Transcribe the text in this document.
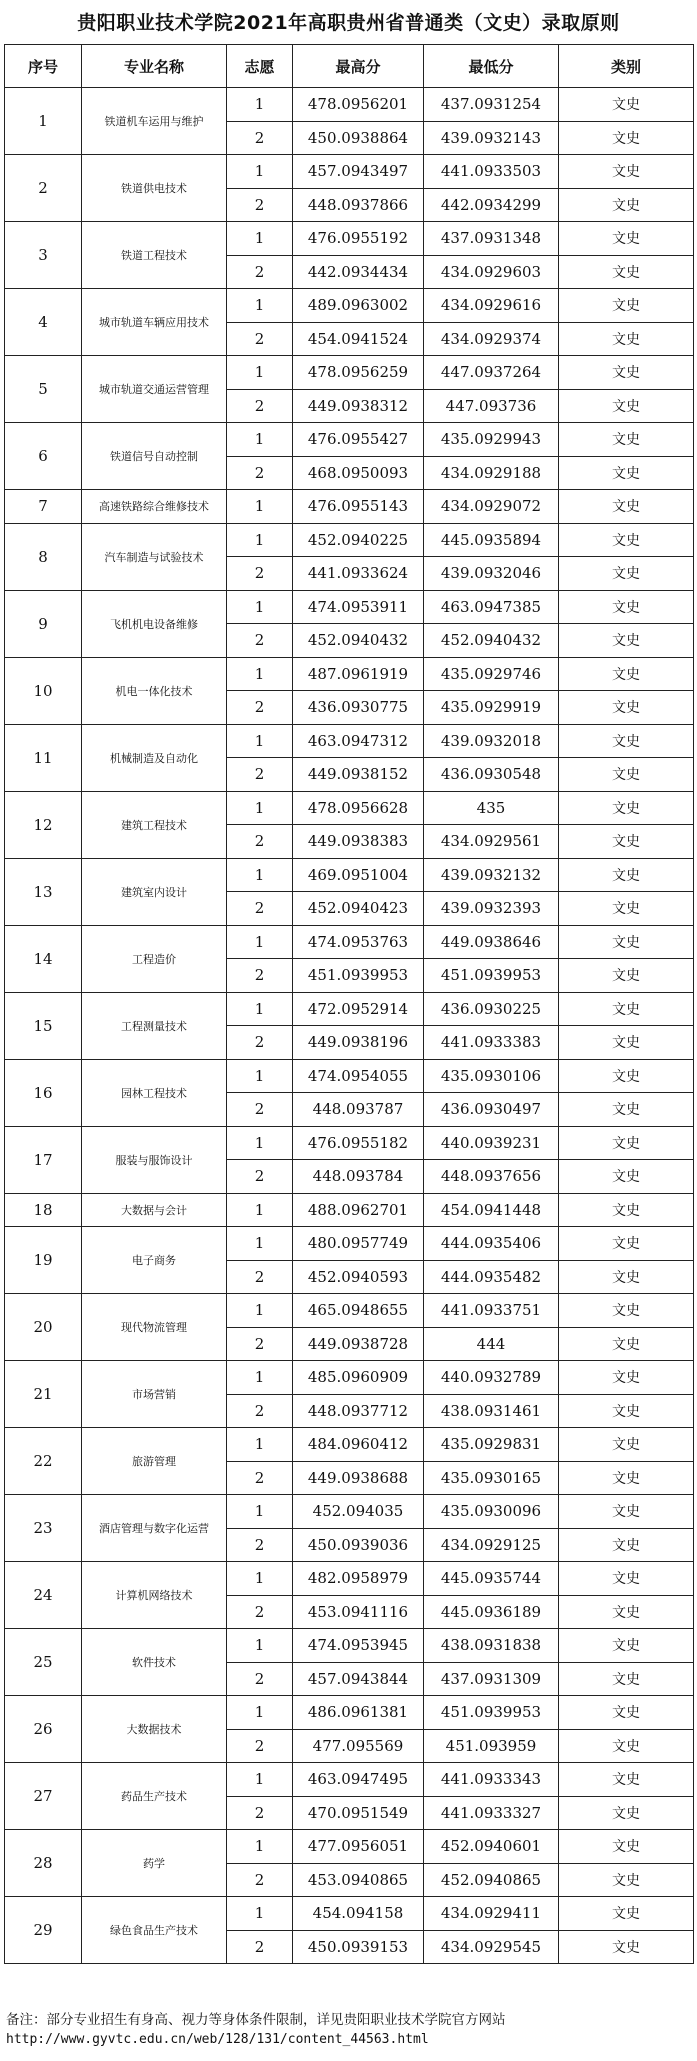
贵阳职业技术学院2021年高职贵州省普通类（文史）录取原则
序号	专业名称	志愿	最高分	最低分	类别
1	铁道机车运用与维护	1	478.0956201	437.0931254	文史
		2	450.0938864	439.0932143	文史
2	铁道供电技术	1	457.0943497	441.0933503	文史
		2	448.0937866	442.0934299	文史
3	铁道工程技术	1	476.0955192	437.0931348	文史
		2	442.0934434	434.0929603	文史
4	城市轨道车辆应用技术	1	489.0963002	434.0929616	文史
		2	454.0941524	434.0929374	文史
5	城市轨道交通运营管理	1	478.0956259	447.0937264	文史
		2	449.0938312	447.093736	文史
6	铁道信号自动控制	1	476.0955427	435.0929943	文史
		2	468.0950093	434.0929188	文史
7	高速铁路综合维修技术	1	476.0955143	434.0929072	文史
8	汽车制造与试验技术	1	452.0940225	445.0935894	文史
		2	441.0933624	439.0932046	文史
9	飞机机电设备维修	1	474.0953911	463.0947385	文史
		2	452.0940432	452.0940432	文史
10	机电一体化技术	1	487.0961919	435.0929746	文史
		2	436.0930775	435.0929919	文史
11	机械制造及自动化	1	463.0947312	439.0932018	文史
		2	449.0938152	436.0930548	文史
12	建筑工程技术	1	478.0956628	435	文史
		2	449.0938383	434.0929561	文史
13	建筑室内设计	1	469.0951004	439.0932132	文史
		2	452.0940423	439.0932393	文史
14	工程造价	1	474.0953763	449.0938646	文史
		2	451.0939953	451.0939953	文史
15	工程测量技术	1	472.0952914	436.0930225	文史
		2	449.0938196	441.0933383	文史
16	园林工程技术	1	474.0954055	435.0930106	文史
		2	448.093787	436.0930497	文史
17	服装与服饰设计	1	476.0955182	440.0939231	文史
		2	448.093784	448.0937656	文史
18	大数据与会计	1	488.0962701	454.0941448	文史
19	电子商务	1	480.0957749	444.0935406	文史
		2	452.0940593	444.0935482	文史
20	现代物流管理	1	465.0948655	441.0933751	文史
		2	449.0938728	444	文史
21	市场营销	1	485.0960909	440.0932789	文史
		2	448.0937712	438.0931461	文史
22	旅游管理	1	484.0960412	435.0929831	文史
		2	449.0938688	435.0930165	文史
23	酒店管理与数字化运营	1	452.094035	435.0930096	文史
		2	450.0939036	434.0929125	文史
24	计算机网络技术	1	482.0958979	445.0935744	文史
		2	453.0941116	445.0936189	文史
25	软件技术	1	474.0953945	438.0931838	文史
		2	457.0943844	437.0931309	文史
26	大数据技术	1	486.0961381	451.0939953	文史
		2	477.095569	451.093959	文史
27	药品生产技术	1	463.0947495	441.0933343	文史
		2	470.0951549	441.0933327	文史
28	药学	1	477.0956051	452.0940601	文史
		2	453.0940865	452.0940865	文史
29	绿色食品生产技术	1	454.094158	434.0929411	文史
		2	450.0939153	434.0929545	文史
备注：部分专业招生有身高、视力等身体条件限制，详见贵阳职业技术学院官方网站
http://www.gyvtc.edu.cn/web/128/131/content_44563.html
